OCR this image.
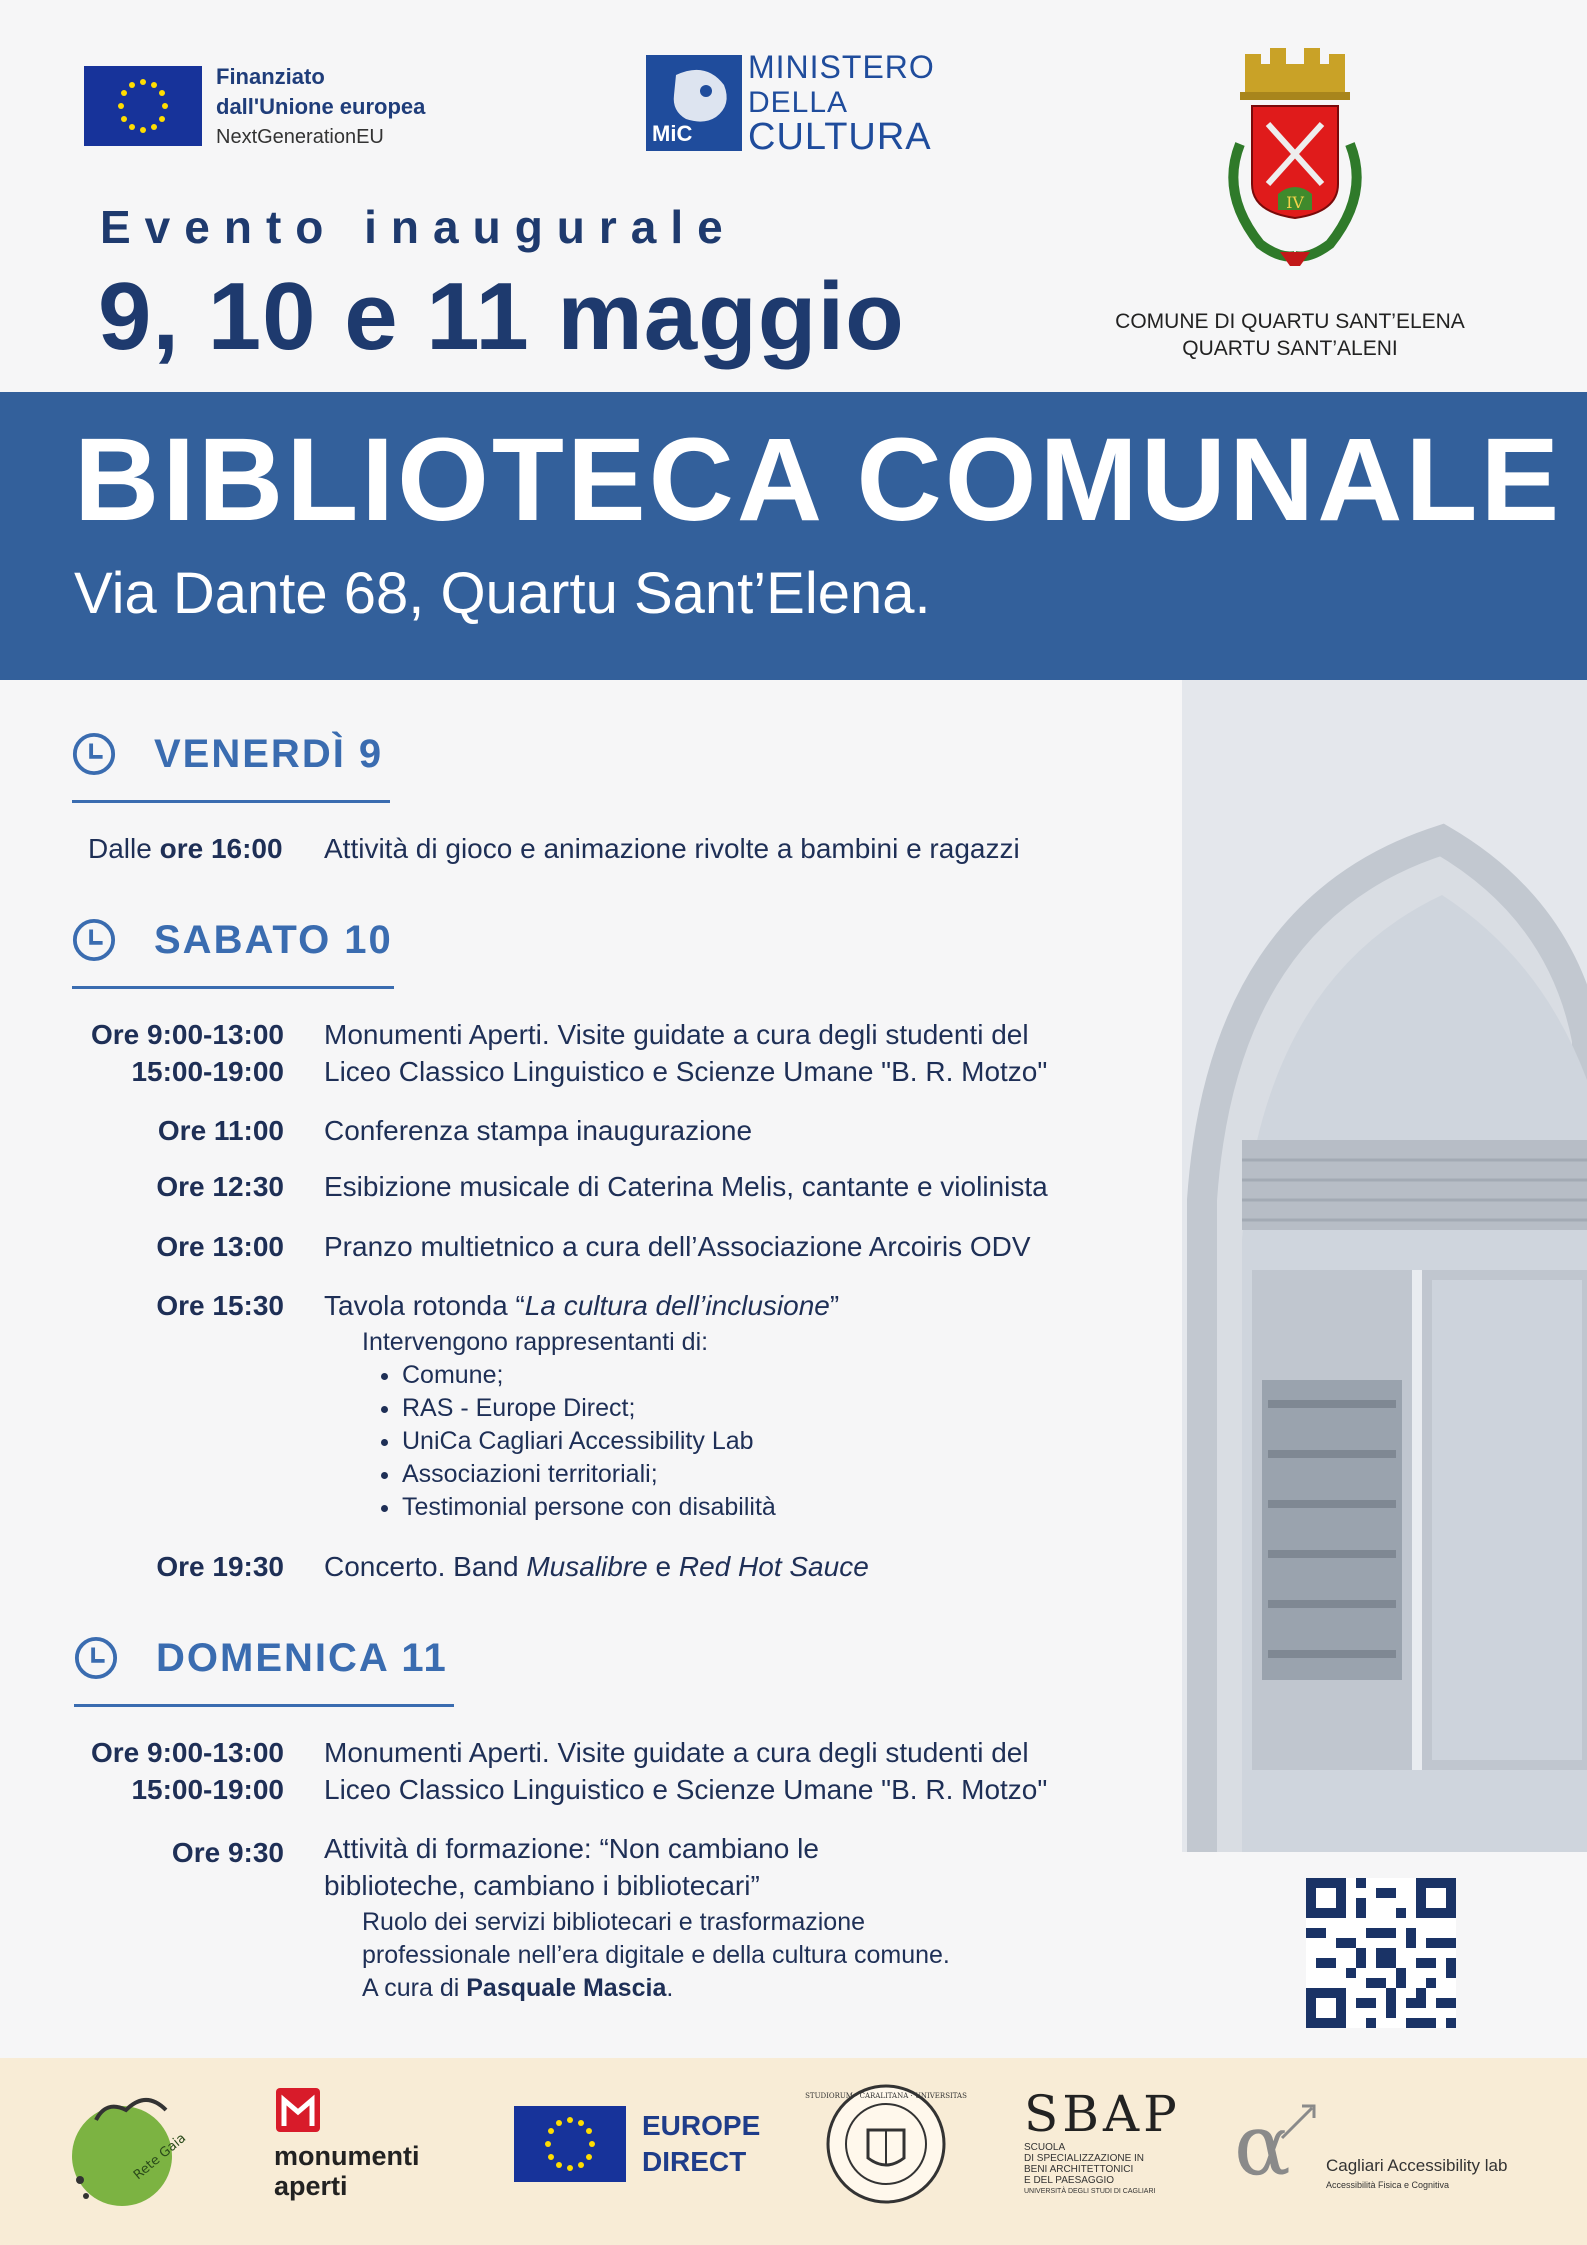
Finanziato
dall'Unione europea
NextGenerationEU	MiC
MINISTERO
DELLA
CULTURA
IV
COMUNE DI QUARTU SANT’ELENA
QUARTU SANT’ALENI
Evento inaugurale
9, 10 e 11 maggio
BIBLIOTECA COMUNALE
Via Dante 68, Quartu Sant’Elena.
VENERDÌ 9
Dalle ore 16:00 Attività di gioco e animazione rivolte a bambini e ragazzi
SABATO 10
Ore 9:00-13:00
15:00-19:00
Monumenti Aperti. Visite guidate a cura degli studenti del
Liceo Classico Linguistico e Scienze Umane "B. R. Motzo"
Ore 11:00 Conferenza stampa inaugurazione
Ore 12:30 Esibizione musicale di Caterina Melis, cantante e violinista
Ore 13:00 Pranzo multietnico a cura dell’Associazione Arcoiris ODV
Ore 15:30 Tavola rotonda “La cultura dell’inclusione”
Intervengono rappresentanti di:
• Comune;
• RAS - Europe Direct;
• UniCa Cagliari Accessibility Lab
• Associazioni territoriali;
• Testimonial persone con disabilità
Ore 19:30 Concerto. Band Musalibre e Red Hot Sauce
DOMENICA 11
Ore 9:00-13:00
15:00-19:00
Monumenti Aperti. Visite guidate a cura degli studenti del
Liceo Classico Linguistico e Scienze Umane "B. R. Motzo"
Ore 9:30 Attività di formazione: “Non cambiano le
biblioteche, cambiano i bibliotecari”
Ruolo dei servizi bibliotecari e trasformazione
professionale nell’era digitale e della cultura comune.
A cura di Pasquale Mascia.
Rete Gaia	monumenti
aperti
EUROPE
DIRECT
STUDIORUM · CARALITANA · UNIVERSITAS SBAP
SCUOLA
DI SPECIALIZZAZIONE IN
BENI ARCHITETTONICI
E DEL PAESAGGIO
UNIVERSITÀ DEGLI STUDI DI CAGLIARI α Cagliari Accessibility lab
Accessibilità Fisica e Cognitiva
